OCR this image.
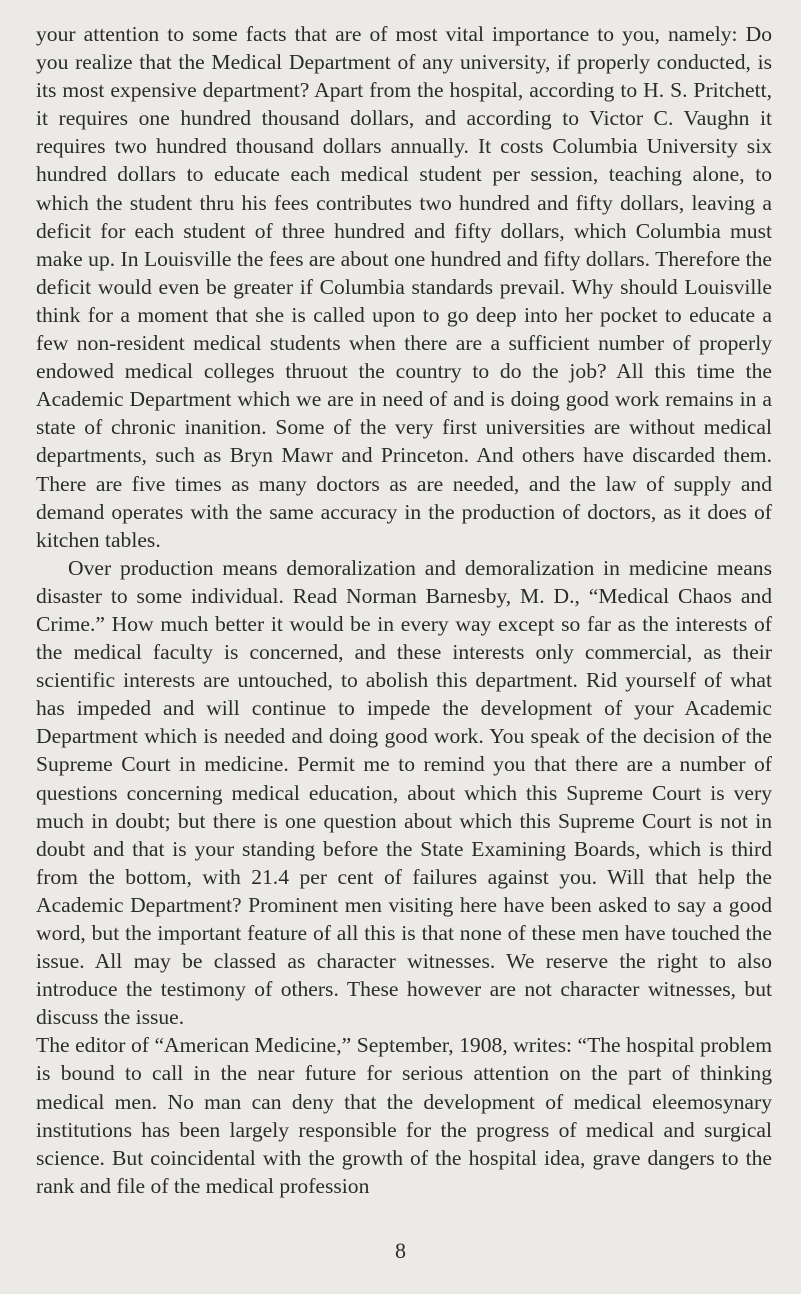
your attention to some facts that are of most vital importance to you, namely: Do you realize that the Medical Department of any university, if properly conducted, is its most expensive department? Apart from the hospital, according to H. S. Pritchett, it requires one hundred thousand dollars, and according to Victor C. Vaughn it requires two hundred thousand dollars annually. It costs Columbia University six hundred dollars to educate each medical student per session, teaching alone, to which the student thru his fees contributes two hundred and fifty dollars, leaving a deficit for each student of three hundred and fifty dollars, which Columbia must make up. In Louisville the fees are about one hundred and fifty dollars. Therefore the deficit would even be greater if Columbia standards prevail. Why should Louisville think for a moment that she is called upon to go deep into her pocket to educate a few non-resident medical students when there are a sufficient number of properly endowed medical colleges thruout the country to do the job? All this time the Academic Department which we are in need of and is doing good work remains in a state of chronic inanition. Some of the very first universities are without medical departments, such as Bryn Mawr and Princeton. And others have discarded them. There are five times as many doctors as are needed, and the law of supply and demand operates with the same accuracy in the production of doctors, as it does of kitchen tables.

Over production means demoralization and demoralization in medicine means disaster to some individual. Read Norman Barnesby, M. D., “Medical Chaos and Crime.” How much better it would be in every way except so far as the interests of the medical faculty is concerned, and these interests only commercial, as their scientific interests are untouched, to abolish this department. Rid yourself of what has impeded and will continue to impede the development of your Academic Department which is needed and doing good work. You speak of the decision of the Supreme Court in medicine. Permit me to remind you that there are a number of questions concerning medical education, about which this Supreme Court is very much in doubt; but there is one question about which this Supreme Court is not in doubt and that is your standing before the State Examining Boards, which is third from the bottom, with 21.4 per cent of failures against you. Will that help the Academic Department? Prominent men visiting here have been asked to say a good word, but the important feature of all this is that none of these men have touched the issue. All may be classed as character witnesses. We reserve the right to also introduce the testimony of others. These however are not character witnesses, but discuss the issue.

The editor of “American Medicine,” September, 1908, writes: “The hospital problem is bound to call in the near future for serious attention on the part of thinking medical men. No man can deny that the development of medical eleemosynary institutions has been largely responsible for the progress of medical and surgical science. But coincidental with the growth of the hospital idea, grave dangers to the rank and file of the medical profession

8
